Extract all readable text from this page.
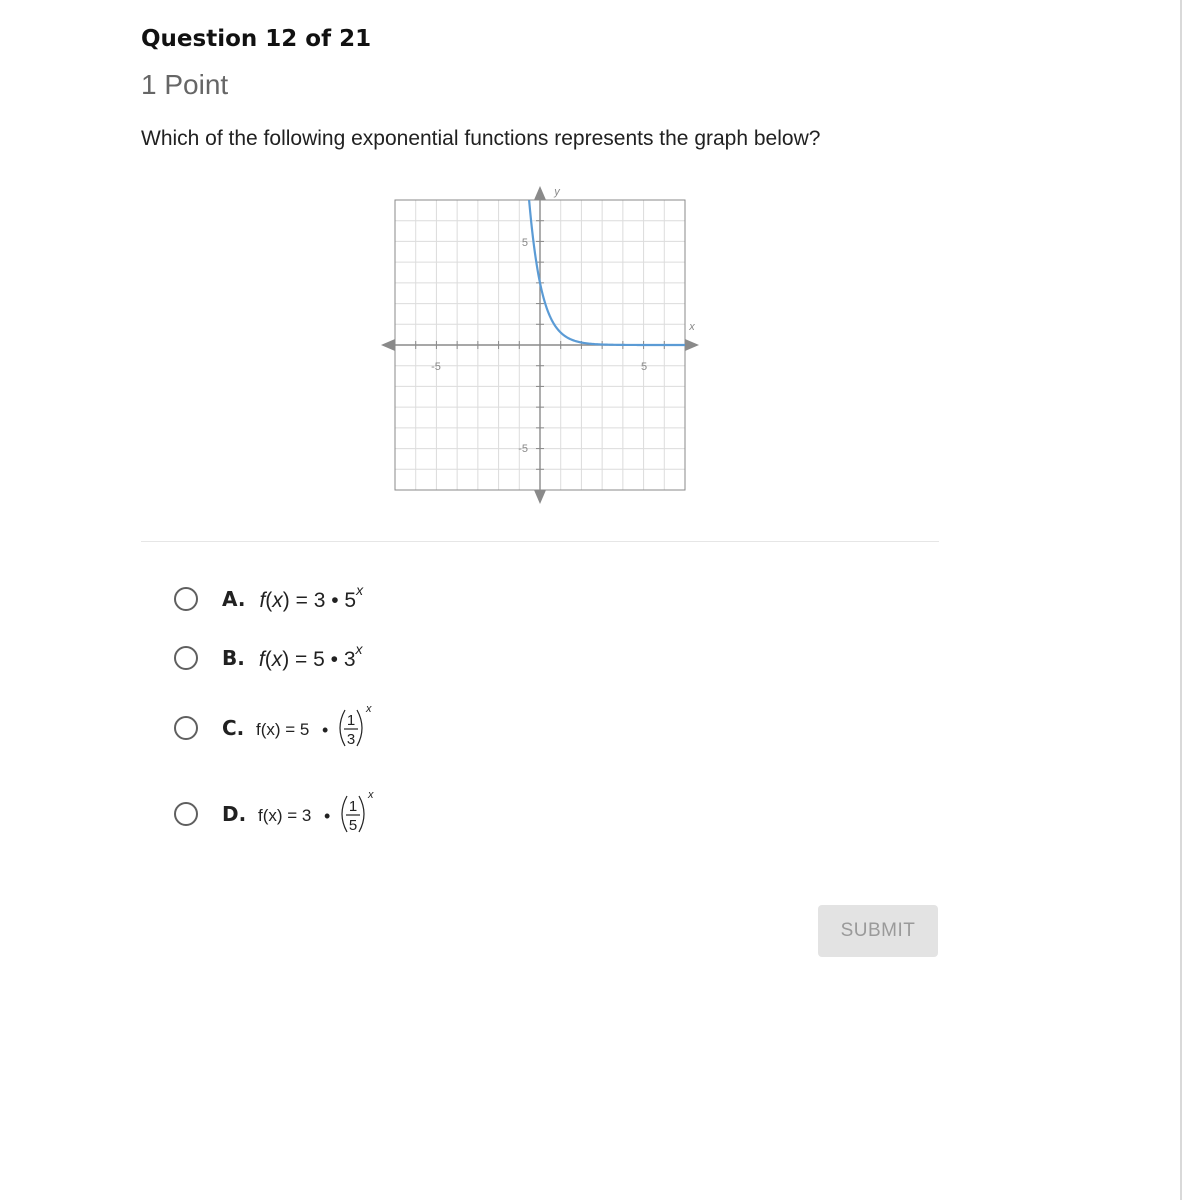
Question 12 of 21
1 Point
Which of the following exponential functions represents the graph below?
-5	5
5
-5
x
y
A. f(x) = 3 • 5$^x$
B. f(x) = 5 • 3$^x$
C. f(x) = 5 • 1
3
x
D. f(x) = 3 • 1
5
x
SUBMIT
